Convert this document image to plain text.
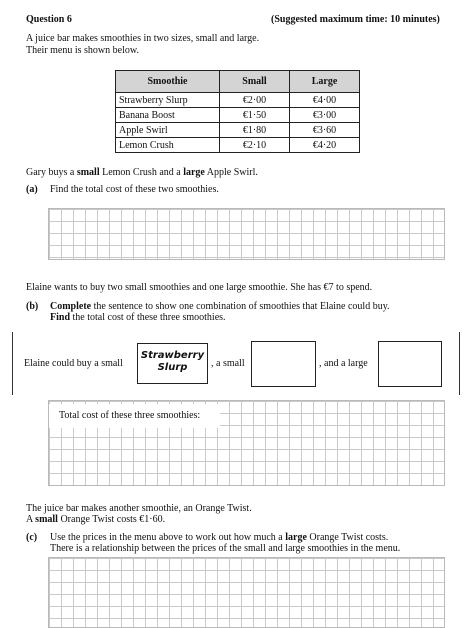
Question 6	(Suggested maximum time: 10 minutes)
A juice bar makes smoothies in two sizes, small and large.
Their menu is shown below.
Smoothie	Small	Large
Strawberry Slurp	€2·00	€4·00
Banana Boost	€1·50	€3·00
Apple Swirl	€1·80	€3·60
Lemon Crush	€2·10	€4·20
Gary buys a small Lemon Crush and a large Apple Swirl.
(a) Find the total cost of these two smoothies.
Elaine wants to buy two small smoothies and one large smoothie. She has €7 to spend.
(b) Complete the sentence to show one combination of smoothies that Elaine could buy.
Find the total cost of these three smoothies.
Elaine could buy a small
Strawberry
Slurp	, a small	, and a large
Total cost of these three smoothies:
The juice bar makes another smoothie, an Orange Twist.
A small Orange Twist costs €1·60.
(c) Use the prices in the menu above to work out how much a large Orange Twist costs.
There is a relationship between the prices of the small and large smoothies in the menu.
